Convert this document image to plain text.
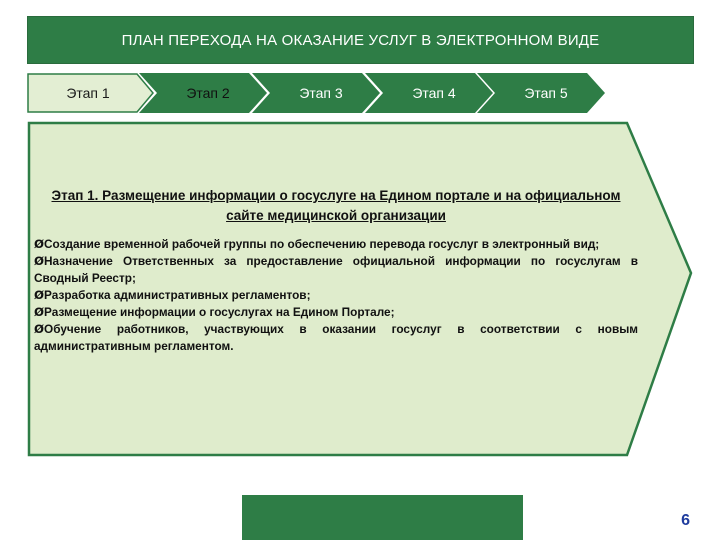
ПЛАН ПЕРЕХОДА НА ОКАЗАНИЕ УСЛУГ В ЭЛЕКТРОННОМ ВИДЕ
Этап 1	Этап 2	Этап 3	Этап 4	Этап 5

Этап 1. Размещение информации о госуслуге на Едином портале и на официальном сайте медицинской организации

ØСоздание временной рабочей группы по обеспечению перевода госуслуг в электронный вид;
ØНазначение Ответственных за предоставление официальной информации по госуслугам в Сводный Реестр;
ØРазработка административных регламентов;
ØРазмещение информации о госуслугах на Едином Портале;
ØОбучение работников, участвующих в оказании госуслуг в соответствии с новым административным регламентом.
6
